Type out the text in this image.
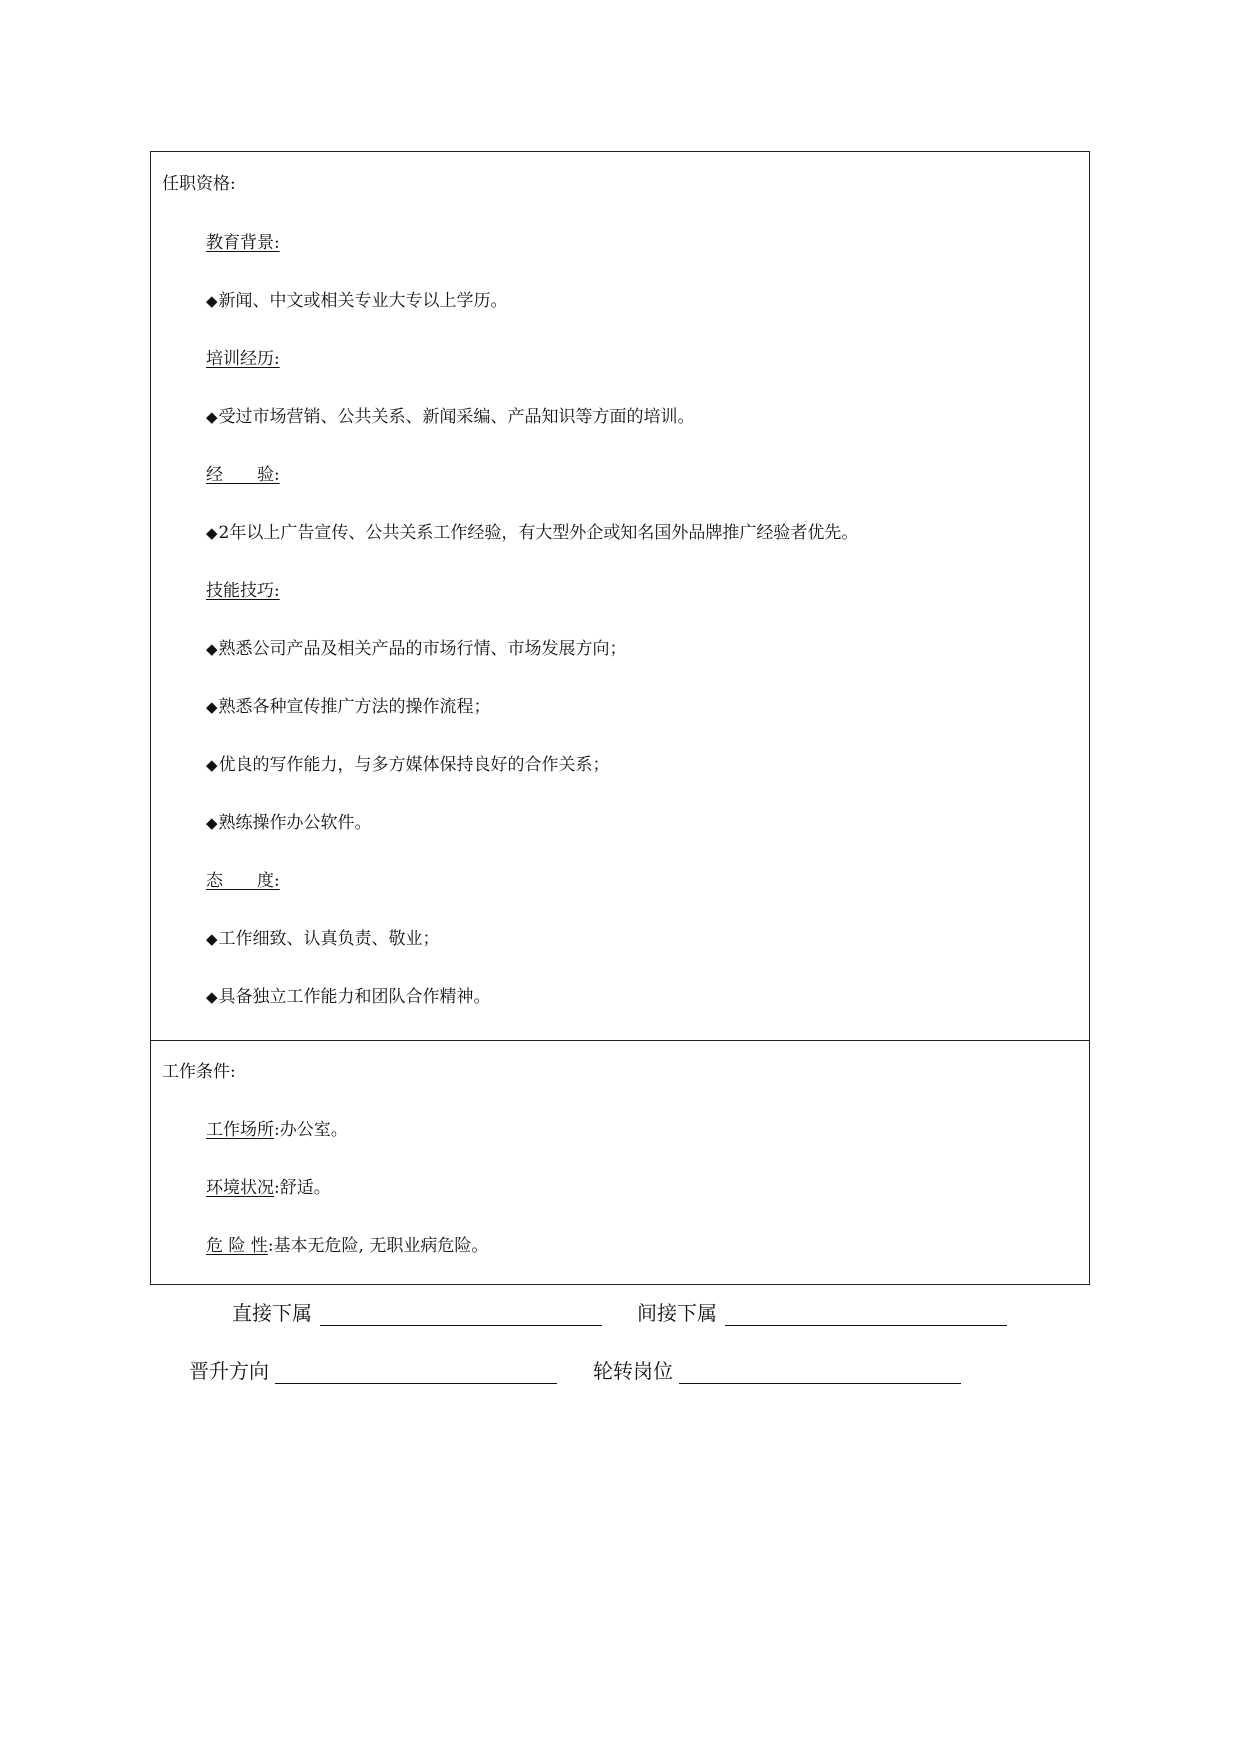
任职资格:
教育背景:
◆新闻、中文或相关专业大专以上学历。
培训经历:
◆受过市场营销、公共关系、新闻采编、产品知识等方面的培训。
经　　验:
◆2年以上广告宣传、公共关系工作经验，有大型外企或知名国外品牌推广经验者优先。
技能技巧:
◆熟悉公司产品及相关产品的市场行情、市场发展方向；
◆熟悉各种宣传推广方法的操作流程；
◆优良的写作能力，与多方媒体保持良好的合作关系；
◆熟练操作办公软件。
态　　度:
◆工作细致、认真负责、敬业；
◆具备独立工作能力和团队合作精神。
工作条件:
工作场所:办公室。
环境状况:舒适。
危 险 性:基本无危险, 无职业病危险。
直接下属	间接下属
晋升方向	轮转岗位
